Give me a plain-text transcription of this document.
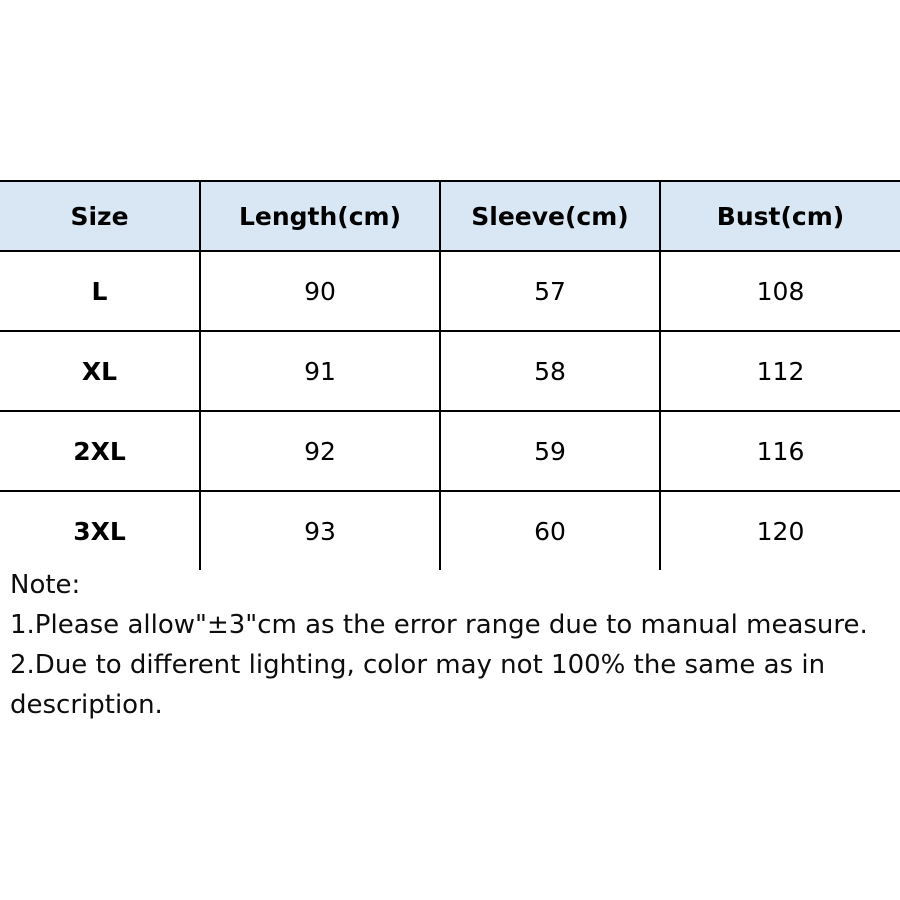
Size	Length(cm)	Sleeve(cm)	Bust(cm)
L	90	57	108
XL	91	58	112
2XL	92	59	116
3XL	93	60	120
Note:
1.Please allow"±3"cm as the error range due to manual measure.
2.Due to different lighting, color may not 100% the same as in description.
